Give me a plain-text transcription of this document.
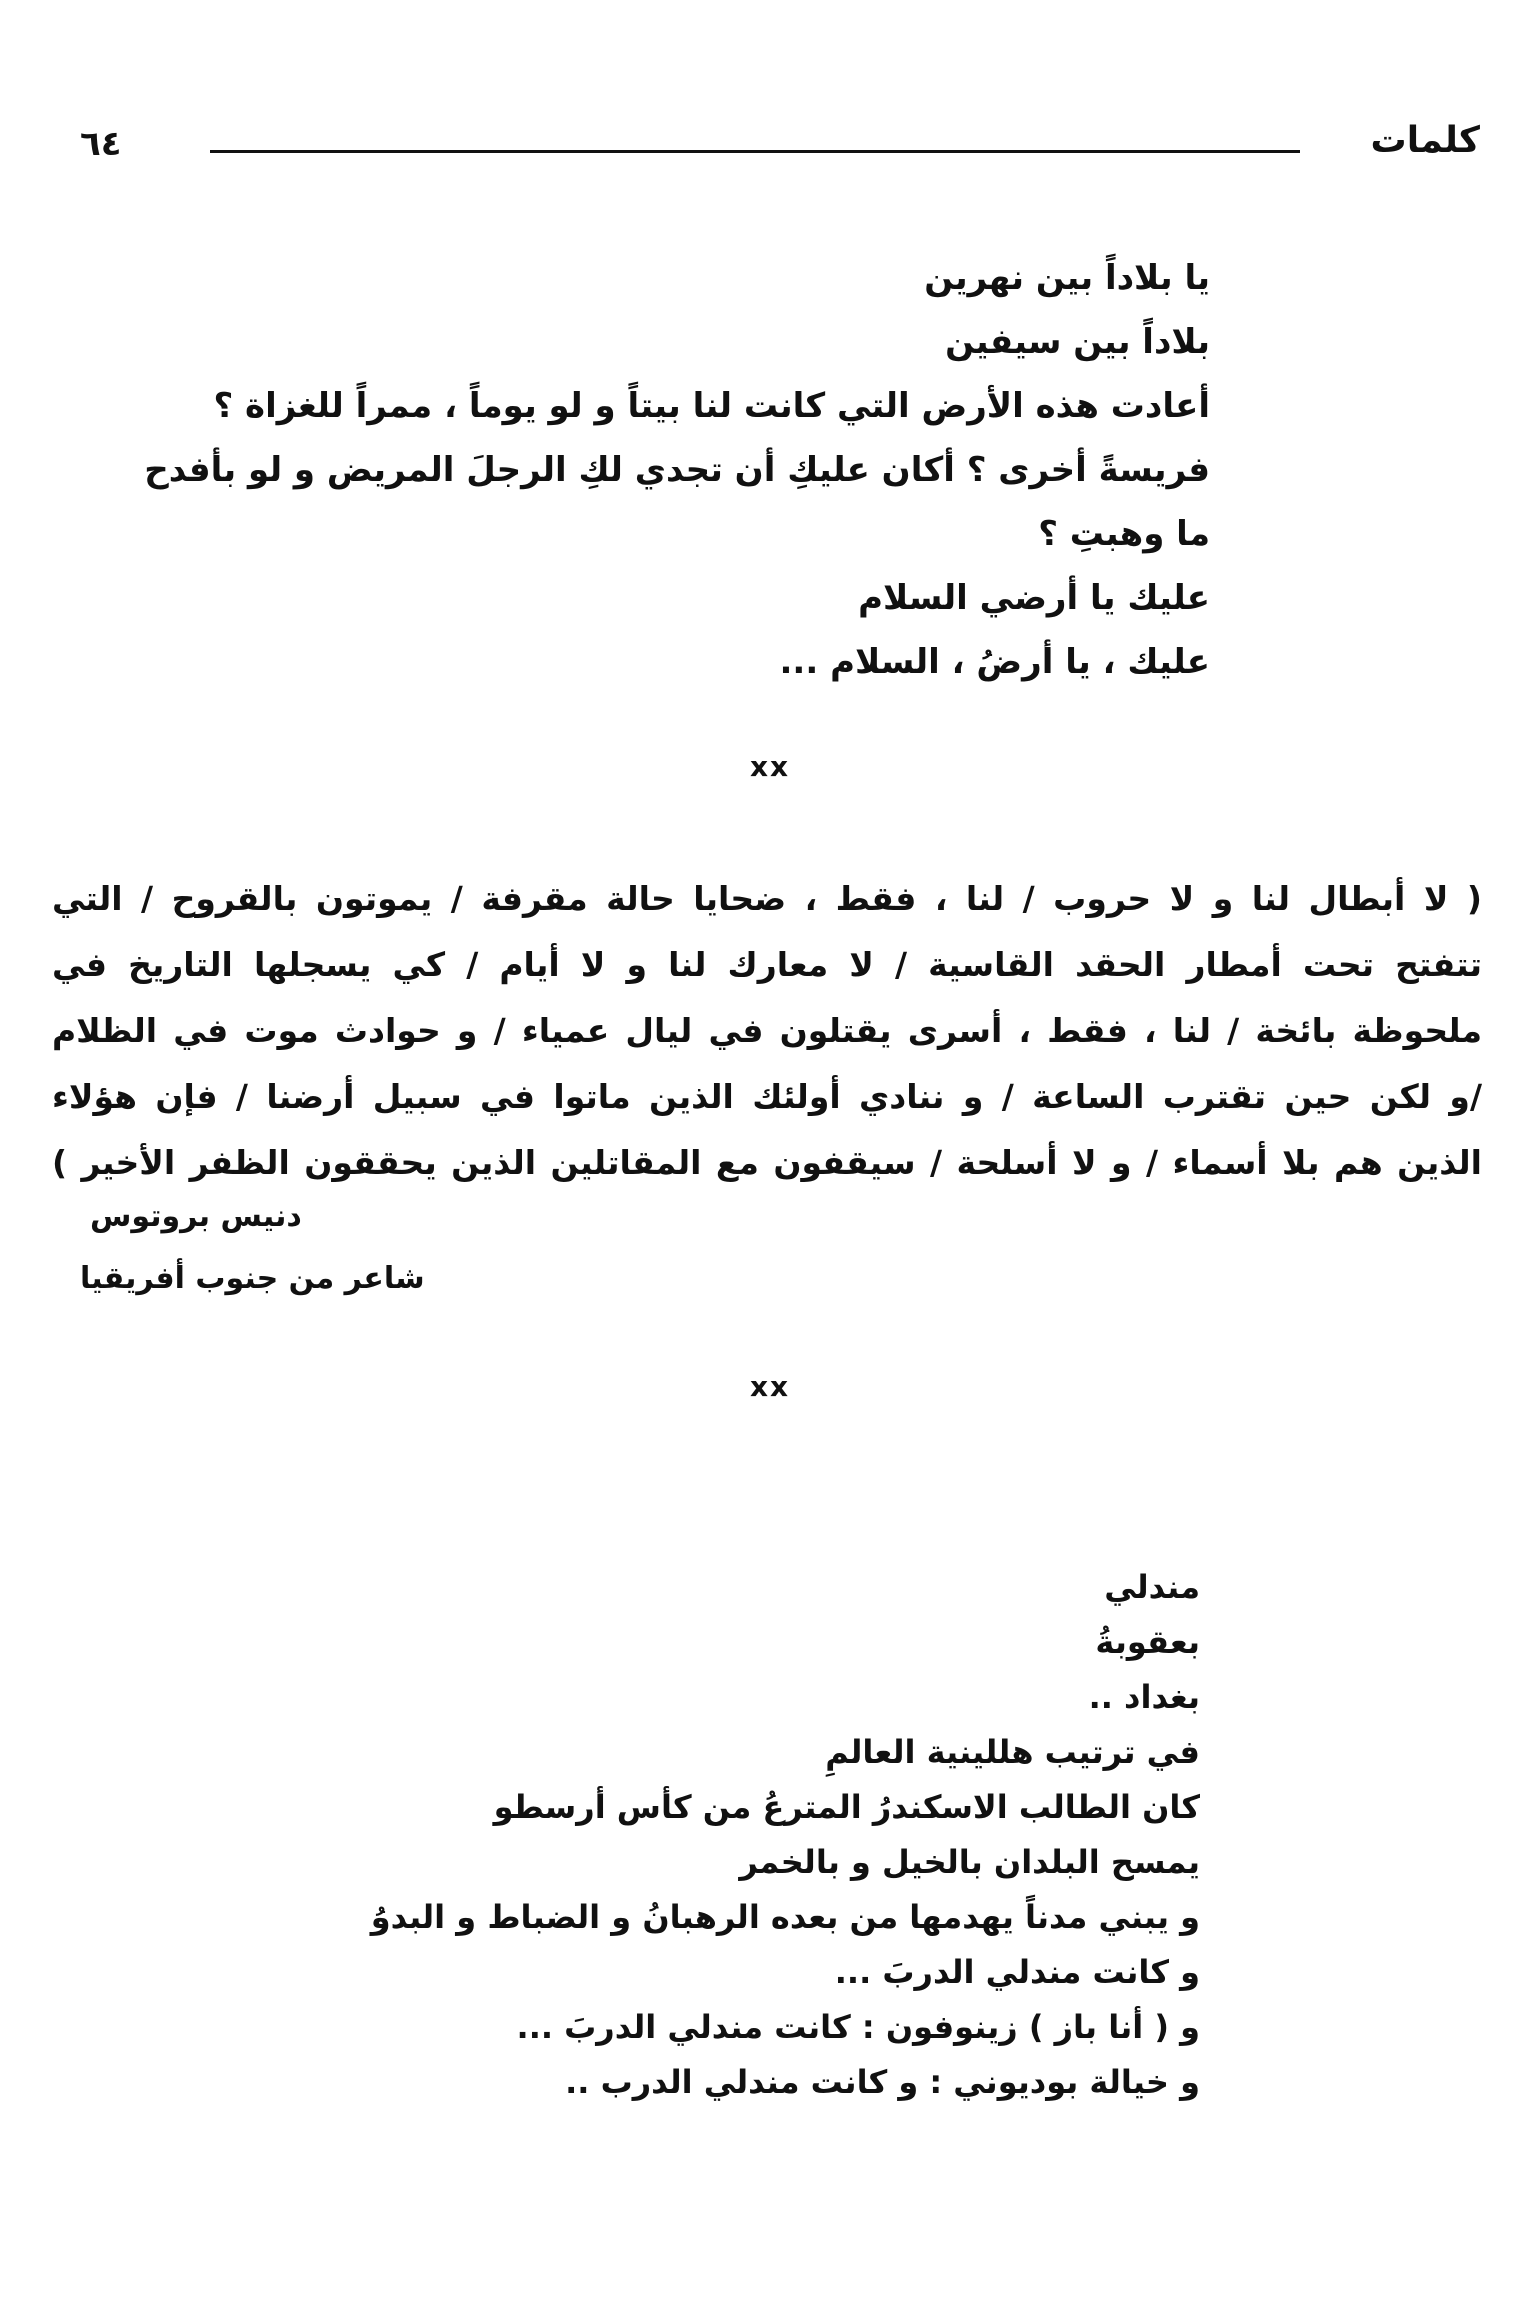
٦٤	كلمات
يا بلاداً بين نهرين
بلاداً بين سيفين
أعادت هذه الأرض التي كانت لنا بيتاً و لو يوماً ، ممراً للغزاة ؟
فريسةً أخرى ؟ أكان عليكِ أن تجدي لكِ الرجلَ المريض و لو بأفدح
ما وهبتِ ؟
عليك يا أرضي السلام
عليك ، يا أرضُ ، السلام ...
xx
( لا أبطال لنا و لا حروب / لنا ، فقط ، ضحايا حالة مقرفة / يموتون بالقروح / التي
تتفتح تحت أمطار الحقد القاسية / لا معارك لنا و لا أيام / كي يسجلها التاريخ في
ملحوظة بائخة / لنا ، فقط ، أسرى يقتلون في ليال عمياء / و حوادث موت في الظلام
/و لكن حين تقترب الساعة / و ننادي أولئك الذين ماتوا في سبيل أرضنا / فإن هؤلاء
الذين هم بلا أسماء / و لا أسلحة / سيقفون مع المقاتلين الذين يحققون الظفر الأخير )
دنيس بروتوس
شاعر من جنوب أفريقيا
xx
مندلي
بعقوبةُ
بغداد ..
في ترتيب هللينية العالمِ
كان الطالب الاسكندرُ المترعُ من كأس أرسطو
يمسح البلدان بالخيل و بالخمر
و يبني مدناً يهدمها من بعده الرهبانُ و الضباط و البدوُ
و كانت مندلي الدربَ ...
و ( أنا باز ) زينوفون : كانت مندلي الدربَ ...
و خيالة بوديوني : و كانت مندلي الدرب ..
